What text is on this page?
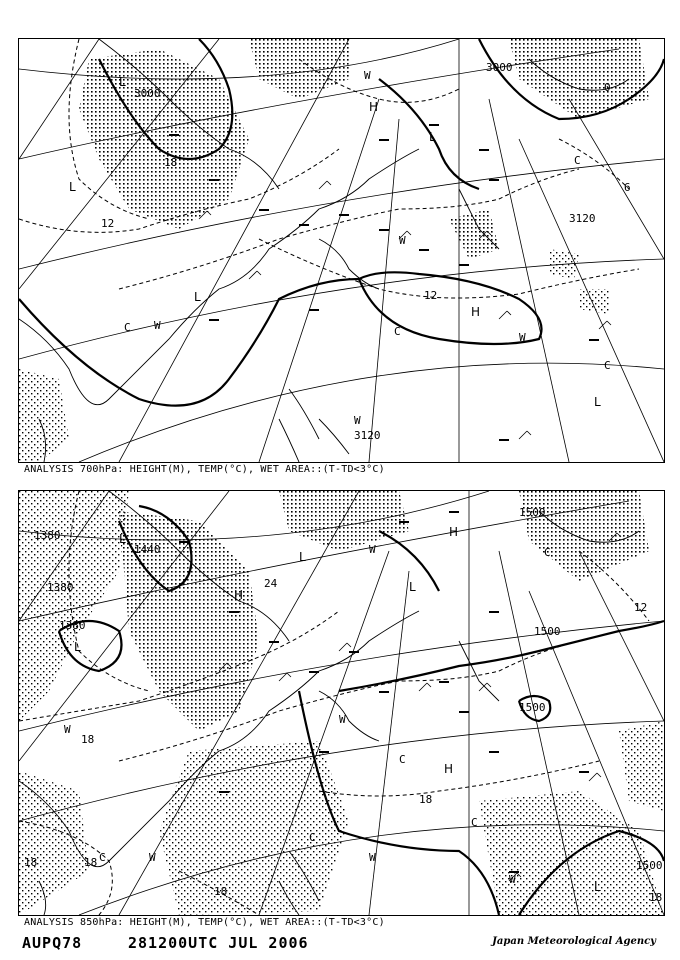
3000
3000
3120
3120
18
12
12
0
6
L
L
L
L
L
C	C
C
C
W
W
W
W
W
H
H
ANALYSIS 700hPa: HEIGHT(M), TEMP(°C), WET AREA::(T-TD<3°C)
1380
1380
1380
1440
1500
1500
1500
1500
24
18
18
18	18
18
12
18
L
L
L
L
L
C
C
C
C
C
W
W
W
W
W
W
H
H
H
ANALYSIS 850hPa: HEIGHT(M), TEMP(°C), WET AREA::(T-TD<3°C)
AUPQ78	281200UTC JUL 2006	Japan Meteorological Agency
